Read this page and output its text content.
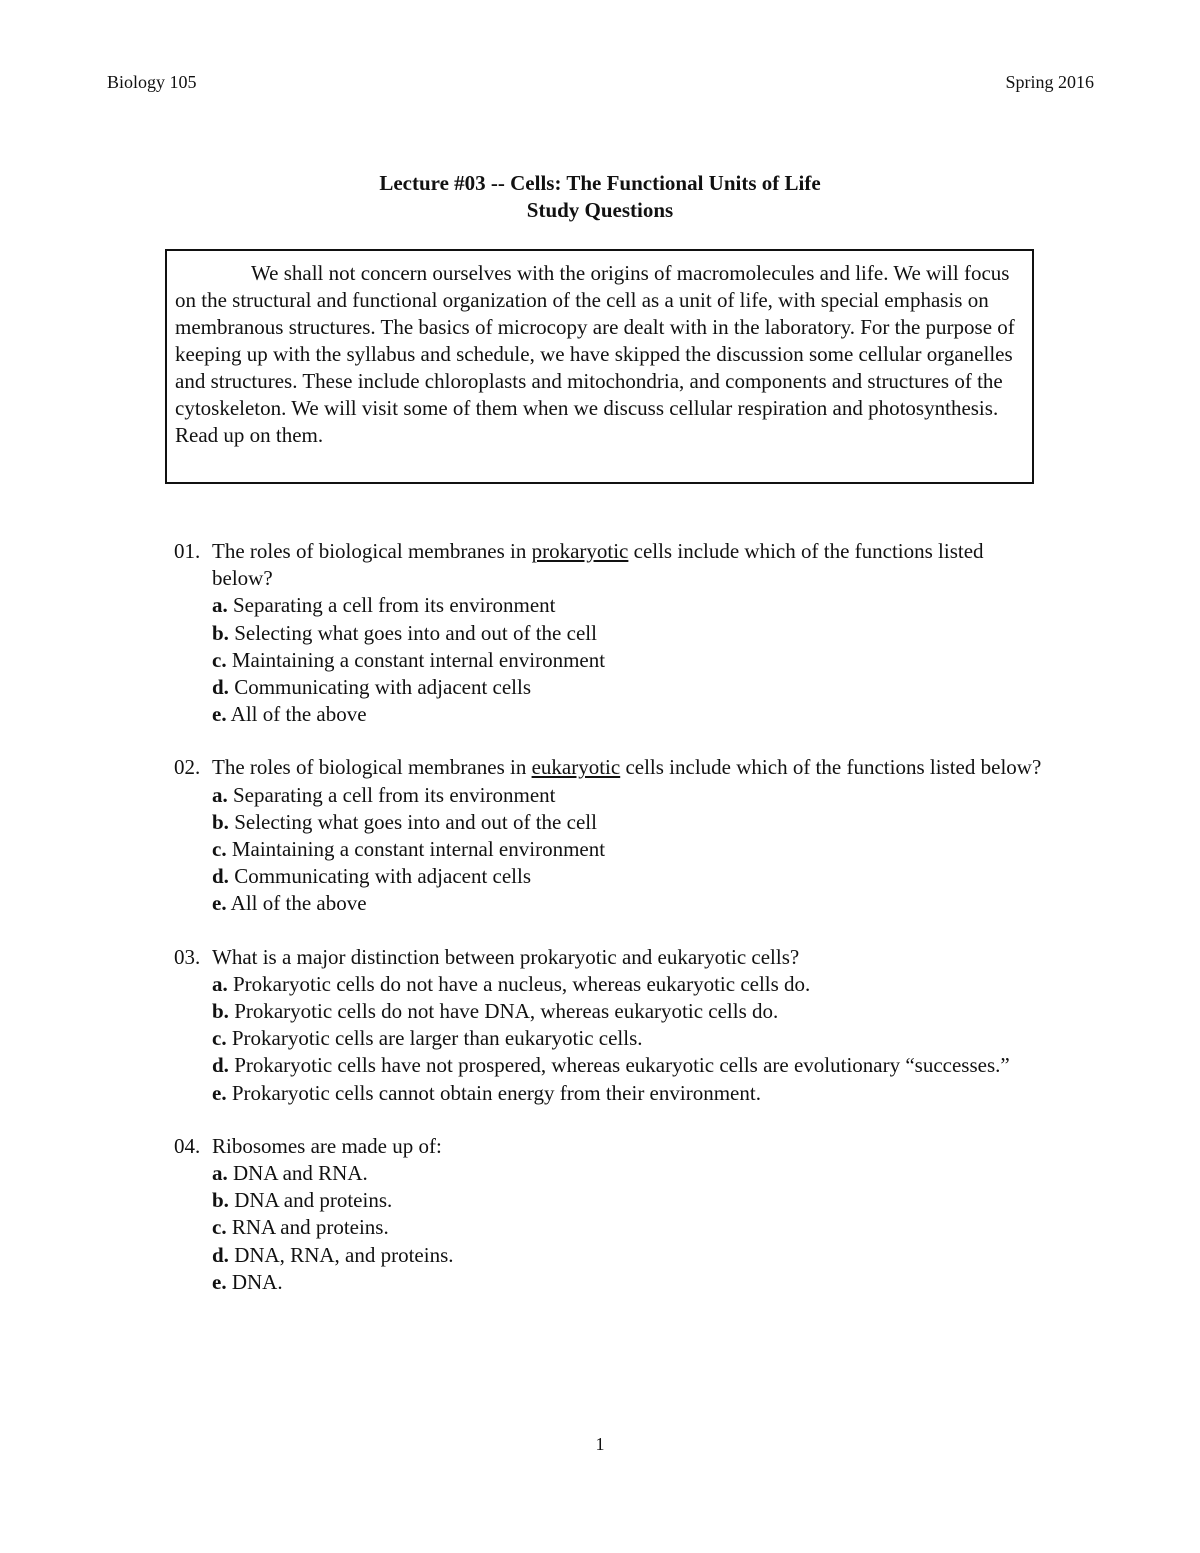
Biology 105	Spring 2016
Lecture #03 -- Cells: The Functional Units of Life
Study Questions

We shall not concern ourselves with the origins of macromolecules and life. We will focus on the structural and functional organization of the cell as a unit of life, with special emphasis on membranous structures. The basics of microcopy are dealt with in the laboratory. For the purpose of keeping up with the syllabus and schedule, we have skipped the discussion some cellular organelles and structures. These include chloroplasts and mitochondria, and components and structures of the cytoskeleton. We will visit some of them when we discuss cellular respiration and photosynthesis. Read up on them.

01. The roles of biological membranes in prokaryotic cells include which of the functions listed below?
a. Separating a cell from its environment
b. Selecting what goes into and out of the cell
c. Maintaining a constant internal environment
d. Communicating with adjacent cells
e. All of the above
02. The roles of biological membranes in eukaryotic cells include which of the functions listed below?
a. Separating a cell from its environment
b. Selecting what goes into and out of the cell
c. Maintaining a constant internal environment
d. Communicating with adjacent cells
e. All of the above
03. What is a major distinction between prokaryotic and eukaryotic cells?
a. Prokaryotic cells do not have a nucleus, whereas eukaryotic cells do.
b. Prokaryotic cells do not have DNA, whereas eukaryotic cells do.
c. Prokaryotic cells are larger than eukaryotic cells.
d. Prokaryotic cells have not prospered, whereas eukaryotic cells are evolutionary “successes.”
e. Prokaryotic cells cannot obtain energy from their environment.
04. Ribosomes are made up of:
a. DNA and RNA.
b. DNA and proteins.
c. RNA and proteins.
d. DNA, RNA, and proteins.
e. DNA.
1
